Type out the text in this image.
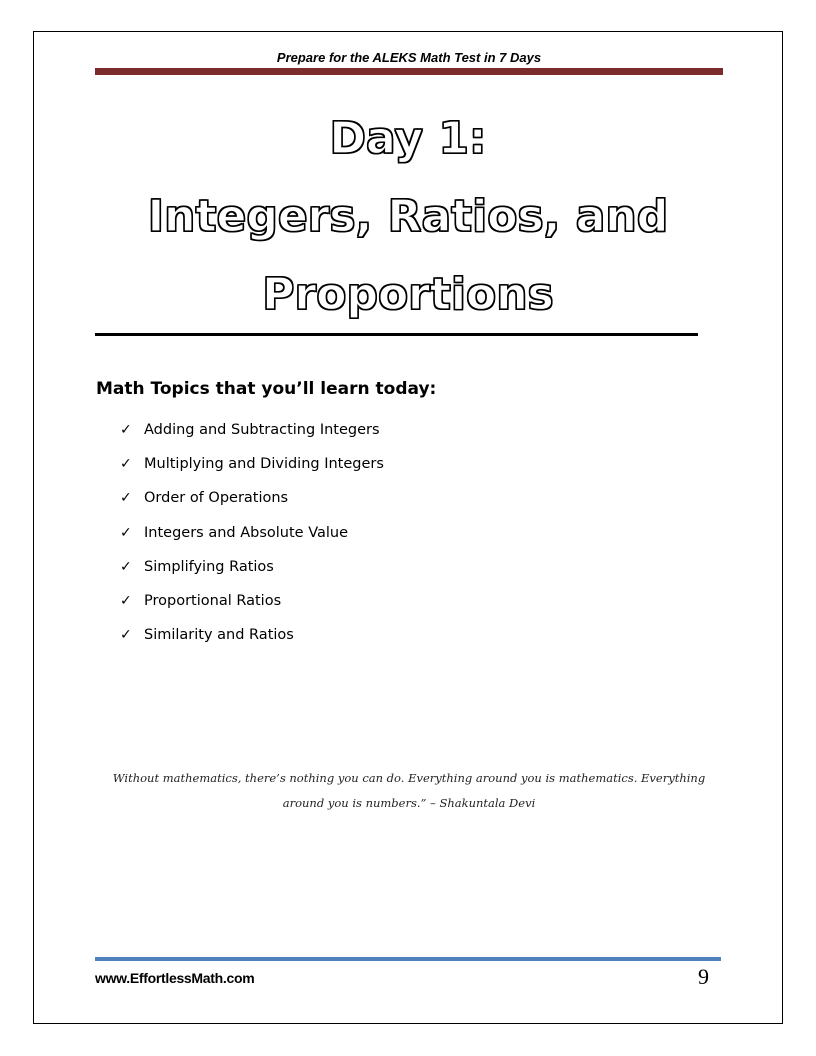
Prepare for the ALEKS Math Test in 7 Days
Day 1:
Integers, Ratios, and
Proportions
Math Topics that you’ll learn today:
✓ Adding and Subtracting Integers
✓ Multiplying and Dividing Integers
✓ Order of Operations
✓ Integers and Absolute Value
✓ Simplifying Ratios
✓ Proportional Ratios
✓ Similarity and Ratios
Without mathematics, there’s nothing you can do. Everything around you is mathematics. Everything around you is numbers.” – Shakuntala Devi
www.EffortlessMath.com	9
